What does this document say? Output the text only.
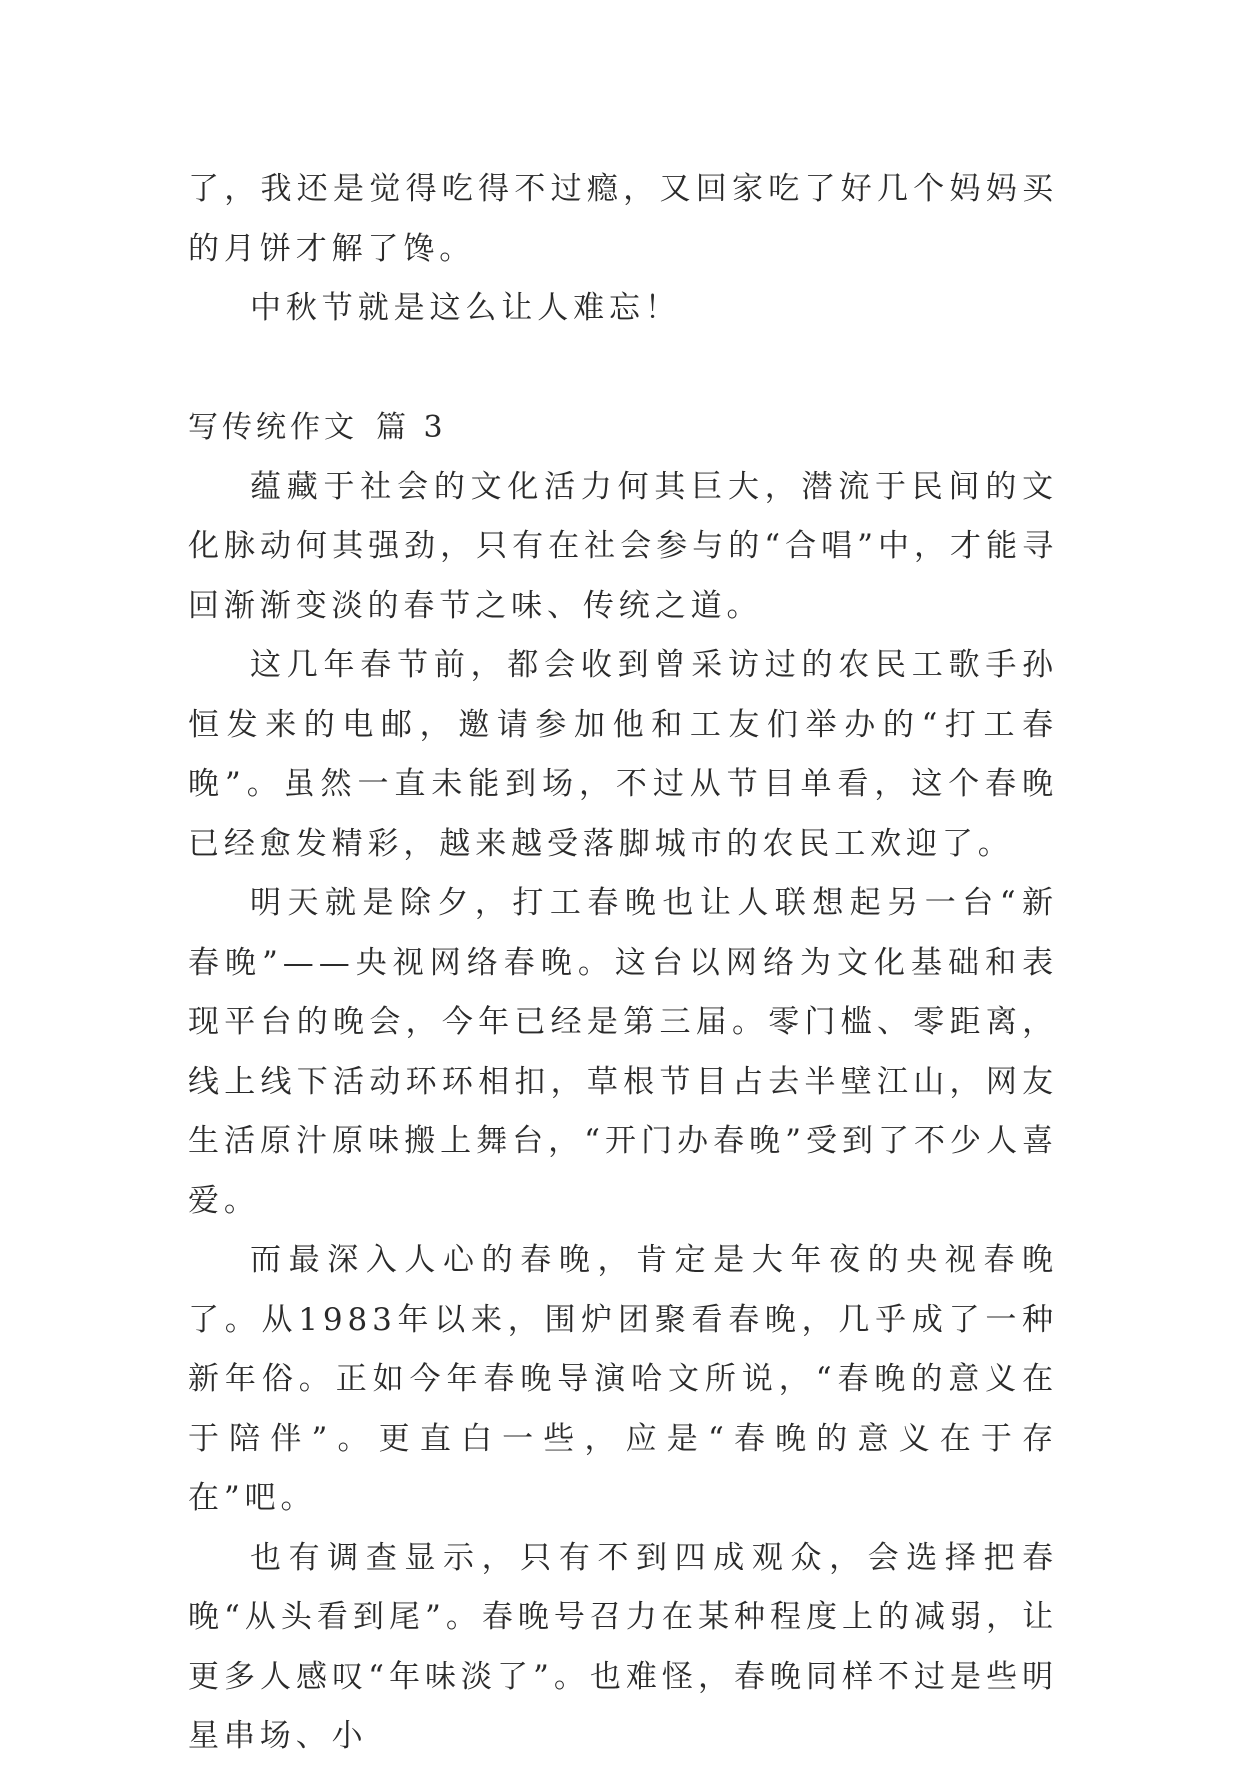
了，我还是觉得吃得不过瘾，又回家吃了好几个妈妈买的月饼才解了馋。

中秋节就是这么让人难忘！

写传统作文 篇 3

蕴藏于社会的文化活力何其巨大，潜流于民间的文化脉动何其强劲，只有在社会参与的“合唱”中，才能寻回渐渐变淡的春节之味、传统之道。

这几年春节前，都会收到曾采访过的农民工歌手孙恒发来的电邮，邀请参加他和工友们举办的“打工春晚”。虽然一直未能到场，不过从节目单看，这个春晚已经愈发精彩，越来越受落脚城市的农民工欢迎了。

明天就是除夕，打工春晚也让人联想起另一台“新春晚”——央视网络春晚。这台以网络为文化基础和表现平台的晚会，今年已经是第三届。零门槛、零距离，线上线下活动环环相扣，草根节目占去半壁江山，网友生活原汁原味搬上舞台，“开门办春晚”受到了不少人喜爱。

而最深入人心的春晚，肯定是大年夜的央视春晚了。从1983年以来，围炉团聚看春晚，几乎成了一种新年俗。正如今年春晚导演哈文所说，“春晚的意义在于陪伴”。更直白一些，应是“春晚的意义在于存在”吧。

也有调查显示，只有不到四成观众，会选择把春晚“从头看到尾”。春晚号召力在某种程度上的减弱，让更多人感叹“年味淡了”。也难怪，春晚同样不过是些明星串场、小
